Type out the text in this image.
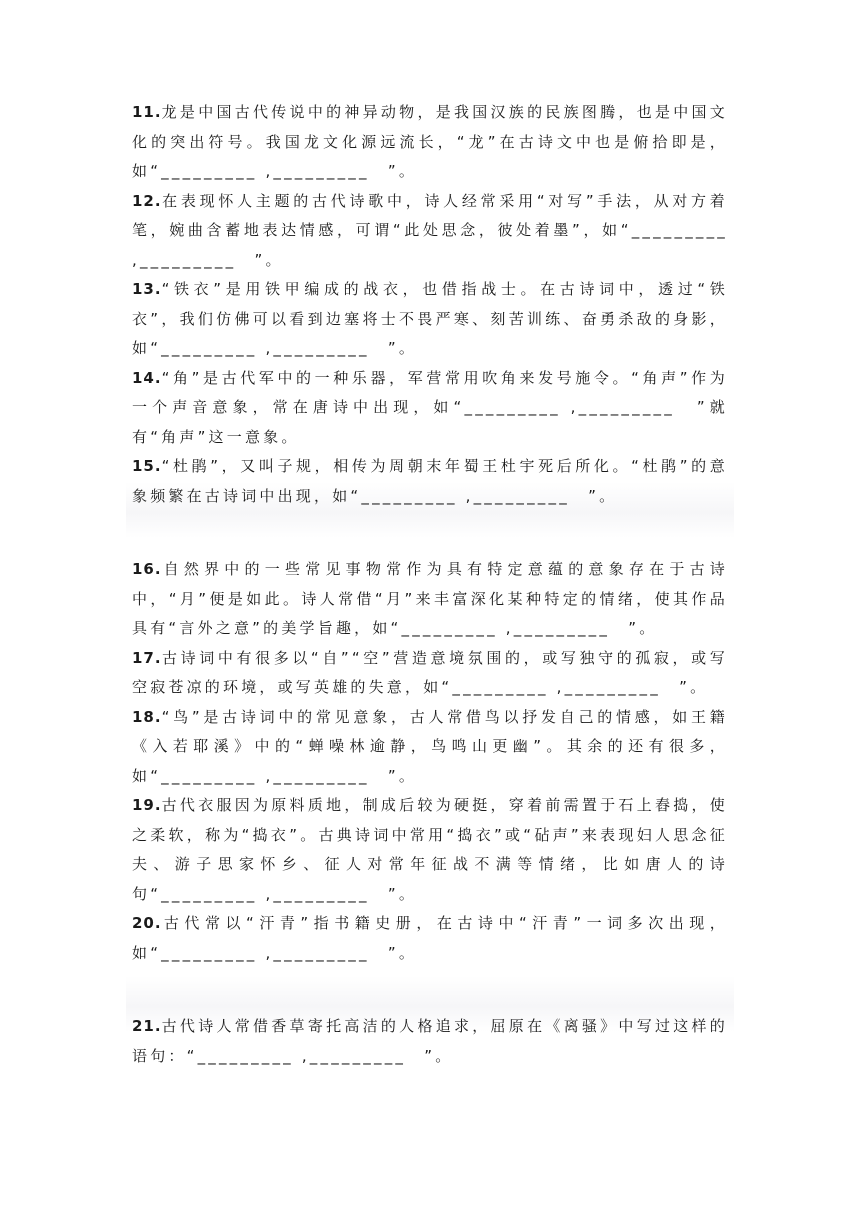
11.龙是中国古代传说中的神异动物，是我国汉族的民族图腾，也是中国文化的突出符号。我国龙文化源远流长，“龙”在古诗文中也是俯拾即是，如“_________ ,_________　”。

12.在表现怀人主题的古代诗歌中，诗人经常采用“对写”手法，从对方着笔，婉曲含蓄地表达情感，可谓“此处思念，彼处着墨”，如“_________ ,_________　”。

13.“铁衣”是用铁甲编成的战衣，也借指战士。在古诗词中，透过“铁衣”，我们仿佛可以看到边塞将士不畏严寒、刻苦训练、奋勇杀敌的身影，如“_________ ,_________　”。

14.“角”是古代军中的一种乐器，军营常用吹角来发号施令。“角声”作为一个声音意象，常在唐诗中出现，如“_________ ,_________　”就有“角声”这一意象。

15.“杜鹃”，又叫子规，相传为周朝末年蜀王杜宇死后所化。“杜鹃”的意象频繁在古诗词中出现，如“_________ ,_________　”。

16.自然界中的一些常见事物常作为具有特定意蕴的意象存在于古诗中，“月”便是如此。诗人常借“月”来丰富深化某种特定的情绪，使其作品具有“言外之意”的美学旨趣，如“_________ ,_________　”。

17.古诗词中有很多以“自”“空”营造意境氛围的，或写独守的孤寂，或写空寂苍凉的环境，或写英雄的失意，如“_________ ,_________　”。

18.“鸟”是古诗词中的常见意象，古人常借鸟以抒发自己的情感，如王籍《入若耶溪》中的“蝉噪林逾静，鸟鸣山更幽”。其余的还有很多，如“_________ ,_________　”。

19.古代衣服因为原料质地，制成后较为硬挺，穿着前需置于石上舂捣，使之柔软，称为“捣衣”。古典诗词中常用“捣衣”或“砧声”来表现妇人思念征夫、游子思家怀乡、征人对常年征战不满等情绪，比如唐人的诗句“_________ ,_________　”。

20.古代常以“汗青”指书籍史册，在古诗中“汗青”一词多次出现，如“_________ ,_________　”。

21.古代诗人常借香草寄托高洁的人格追求，屈原在《离骚》中写过这样的语句：“_________ ,_________　”。
